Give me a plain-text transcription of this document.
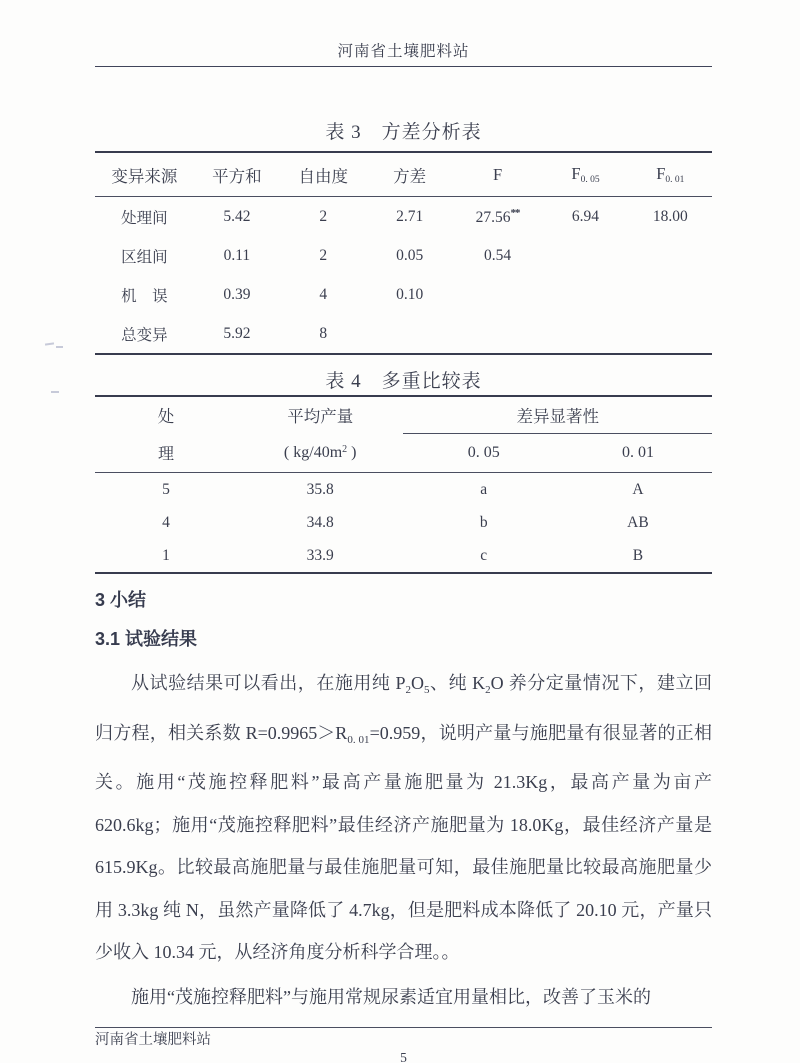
河南省土壤肥料站
表 3　方差分析表
变异来源	平方和	自由度	方差	F	$F_{0. 05}$	$F_{0. 01}$
处理间	5.42	2	2.71	27.56**	6.94	18.00
区组间	0.11	2	0.05	0.54		
机　误	0.39	4	0.10			
总变异	5.92	8				
表 4　多重比较表
处	平均产量	差异显著性	
理	( $kg/40m^2$ )	0. 05	0. 01
5	35.8	a	A
4	34.8	b	AB
1	33.9	c	B
3 小结
3.1 试验结果

从试验结果可以看出，在施用纯 $P_2O_5$、纯 $K_2O$ 养分定量情况下，建立回归方程，相关系数 $R=0.9965>R_{0. 01}=0.959$，说明产量与施肥量有很显著的正相关。施用“茂施控释肥料”最高产量施肥量为 21.3Kg，最高产量为亩产620.6kg；施用“茂施控释肥料”最佳经济产施肥量为 18.0Kg，最佳经济产量是 615.9Kg。比较最高施肥量与最佳施肥量可知，最佳施肥量比较最高施肥量少用 3.3kg 纯 N，虽然产量降低了 4.7kg，但是肥料成本降低了 20.10 元，产量只少收入 10.34 元，从经济角度分析科学合理。。

施用“茂施控释肥料”与施用常规尿素适宜用量相比，改善了玉米的

河南省土壤肥料站
5
